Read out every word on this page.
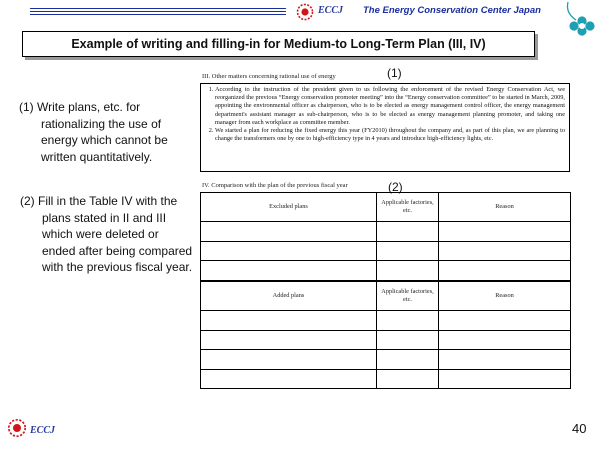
ECCJ The Energy Conservation Center Japan
Example of writing and filling-in for Medium-to Long-Term Plan (III, IV)
(1) Write plans, etc. for
rationalizing the use of energy which cannot be written quantitatively.
(2) Fill in the Table IV with the
plans stated in II and III which were deleted or ended after being compared with the previous fiscal year.
III. Other matters concerning rational use of energy	(1)
1. According to the instruction of the president given to us following the enforcement of the revised Energy Conservation Act, we reorganized the previous “Energy conservation promoter meeting” into the “Energy conservation committee” to be started in March, 2009, appointing the environmental officer as chairperson, who is to be elected as energy management control officer, the energy management department's assistant manager as sub-chairperson, who is to be elected as energy management planning promoter, and taking one manager from each workplace as committee member.
2. We started a plan for reducing the fixed energy this year (FY2010) throughout the company and, as part of this plan, we are planning to change the transformers one by one to high-efficiency type in 4 years and introduce high-efficiency lights, etc.
IV. Comparison with the plan of the previous fiscal year	(2)
Excluded plans	Applicable factories, etc.	Reason

Added plans	Applicable factories, etc.	Reason

ECCJ	40
